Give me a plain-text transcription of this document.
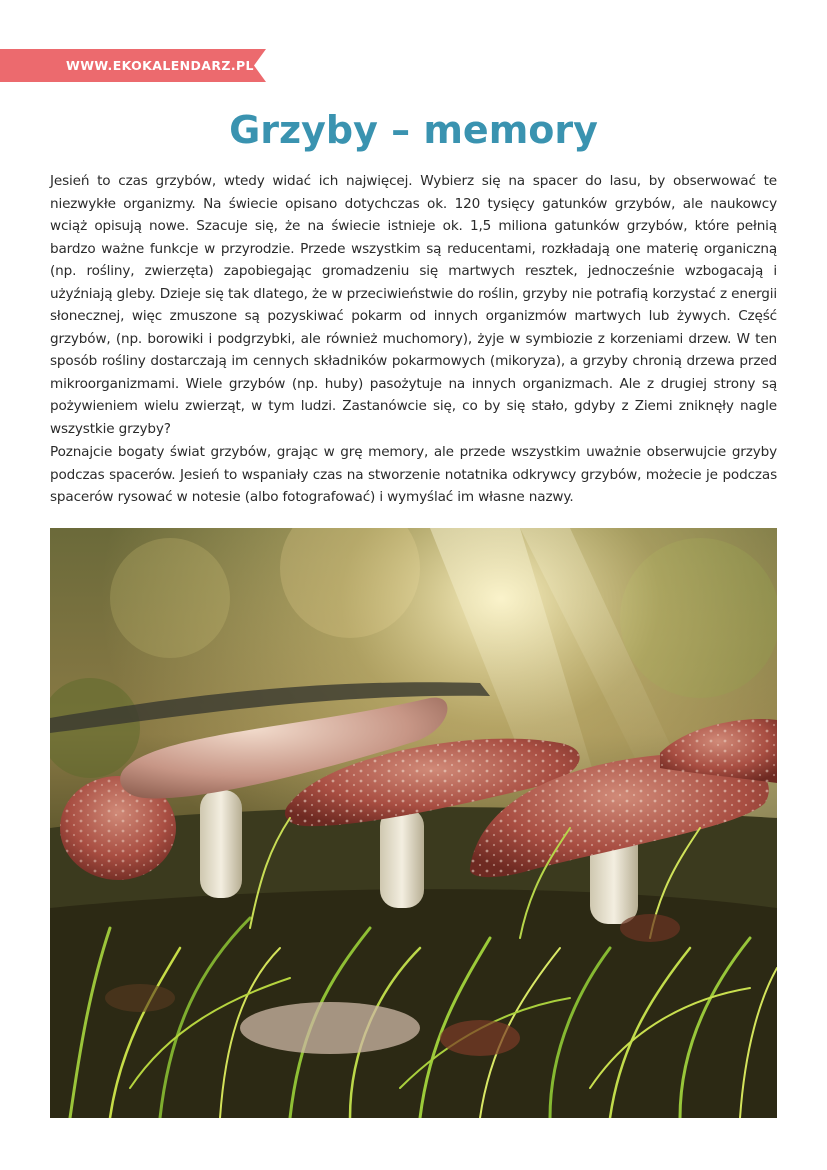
WWW.EKOKALENDARZ.PL
Grzyby – memory

Jesień to czas grzybów, wtedy widać ich najwięcej. Wybierz się na spacer do lasu, by obserwować te niezwykłe organizmy. Na świecie opisano dotychczas ok. 120 tysięcy gatunków grzybów, ale naukowcy wciąż opisują nowe. Szacuje się, że na świecie istnieje ok. 1,5 miliona gatunków grzybów, które pełnią bardzo ważne funkcje w przyrodzie. Przede wszystkim są reducentami, rozkładają one materię organiczną (np. rośliny, zwierzęta) zapobiegając gromadzeniu się martwych resztek, jednocześnie wzbogacają i użyźniają gleby. Dzieje się tak dlatego, że w przeciwieństwie do roślin, grzyby nie potrafią korzystać z energii słonecznej, więc zmuszone są pozyskiwać pokarm od innych organizmów martwych lub żywych. Część grzybów, (np. borowiki i podgrzybki, ale również muchomory), żyje w symbiozie z korzeniami drzew. W ten sposób rośliny dostarczają im cennych składników pokarmowych (mikoryza), a grzyby chronią drzewa przed mikroorganizmami. Wiele grzybów (np. huby) pasożytuje na innych organizmach. Ale z drugiej strony są pożywieniem wielu zwierząt, w tym ludzi. Zastanówcie się, co by się stało, gdyby z Ziemi zniknęły nagle wszystkie grzyby?

Poznajcie bogaty świat grzybów, grając w grę memory, ale przede wszystkim uważnie obserwujcie grzyby podczas spacerów. Jesień to wspaniały czas na stworzenie notatnika odkrywcy grzybów, możecie je podczas spacerów rysować w notesie (albo fotografować) i wymyślać im własne nazwy.
